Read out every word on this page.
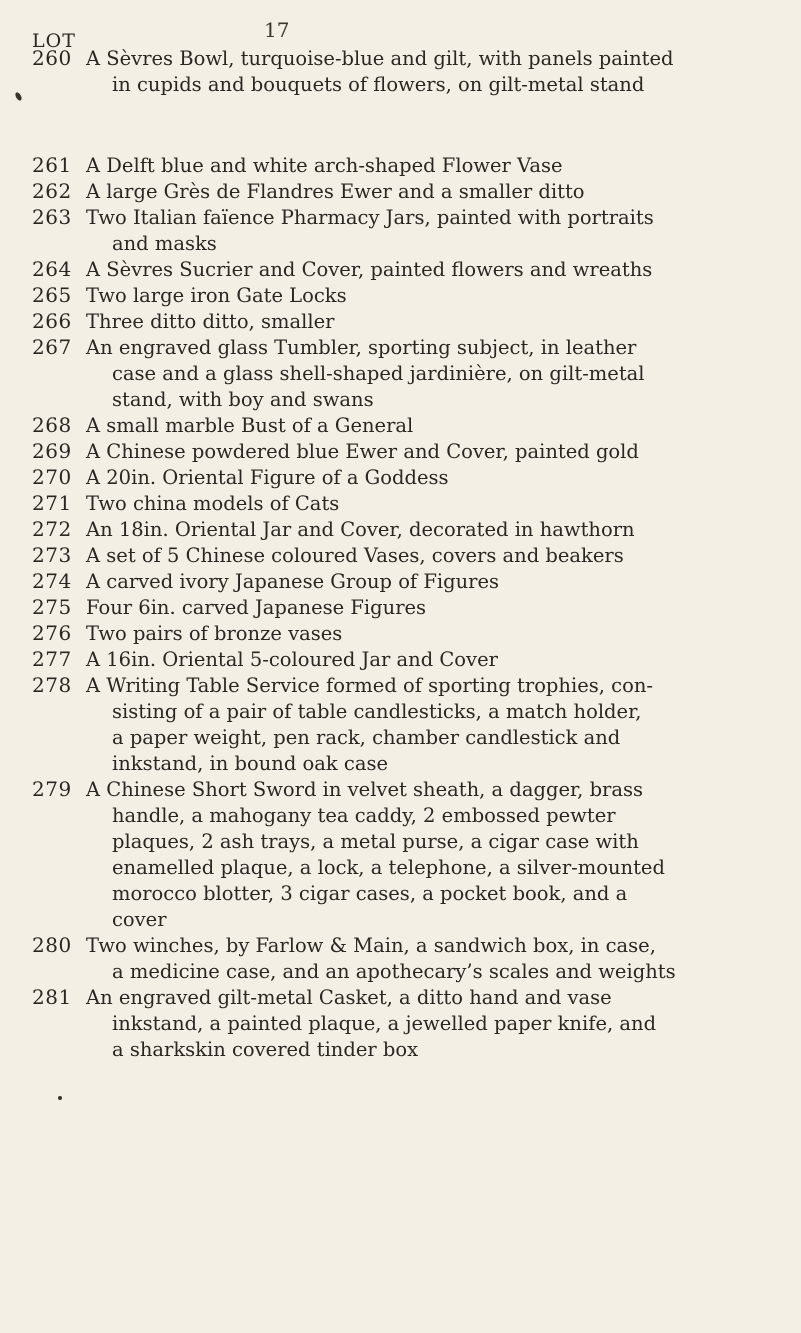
17
LOT
260 A Sèvres Bowl, turquoise-blue and gilt, with panels painted
in cupids and bouquets of flowers, on gilt-metal stand
261 A Delft blue and white arch-shaped Flower Vase
262 A large Grès de Flandres Ewer and a smaller ditto
263 Two Italian faïence Pharmacy Jars, painted with portraits
and masks
264 A Sèvres Sucrier and Cover, painted flowers and wreaths
265 Two large iron Gate Locks
266 Three ditto ditto, smaller
267 An engraved glass Tumbler, sporting subject, in leather
case and a glass shell-shaped jardinière, on gilt-metal
stand, with boy and swans
268 A small marble Bust of a General
269 A Chinese powdered blue Ewer and Cover, painted gold
270 A 20in. Oriental Figure of a Goddess
271 Two china models of Cats
272 An 18in. Oriental Jar and Cover, decorated in hawthorn
273 A set of 5 Chinese coloured Vases, covers and beakers
274 A carved ivory Japanese Group of Figures
275 Four 6in. carved Japanese Figures
276 Two pairs of bronze vases
277 A 16in. Oriental 5-coloured Jar and Cover
278 A Writing Table Service formed of sporting trophies, con-
sisting of a pair of table candlesticks, a match holder,
a paper weight, pen rack, chamber candlestick and
inkstand, in bound oak case
279 A Chinese Short Sword in velvet sheath, a dagger, brass
handle, a mahogany tea caddy, 2 embossed pewter
plaques, 2 ash trays, a metal purse, a cigar case with
enamelled plaque, a lock, a telephone, a silver-mounted
morocco blotter, 3 cigar cases, a pocket book, and a
cover
280 Two winches, by Farlow & Main, a sandwich box, in case,
a medicine case, and an apothecary’s scales and weights
281 An engraved gilt-metal Casket, a ditto hand and vase
inkstand, a painted plaque, a jewelled paper knife, and
a sharkskin covered tinder box
